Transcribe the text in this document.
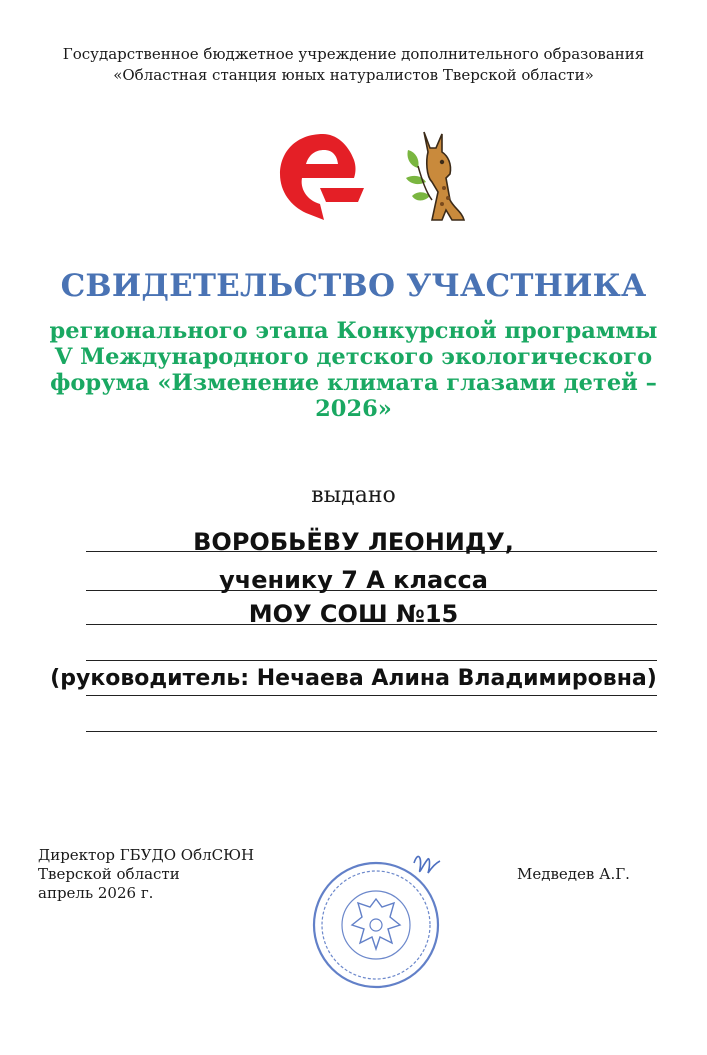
Государственное бюджетное учреждение дополнительного образования
«Областная станция юных натуралистов Тверской области»
СВИДЕТЕЛЬСТВО УЧАСТНИКА
регионального этапа Конкурсной программы
V Международного детского экологического
форума «Изменение климата глазами детей –
2026»
выдано
ВОРОБЬЁВУ ЛЕОНИДУ,
ученику 7 А класса
МОУ СОШ №15
(руководитель: Нечаева Алина Владимировна)
Директор ГБУДО ОблСЮН
Тверской области
апрель 2026 г.
Медведев А.Г.
